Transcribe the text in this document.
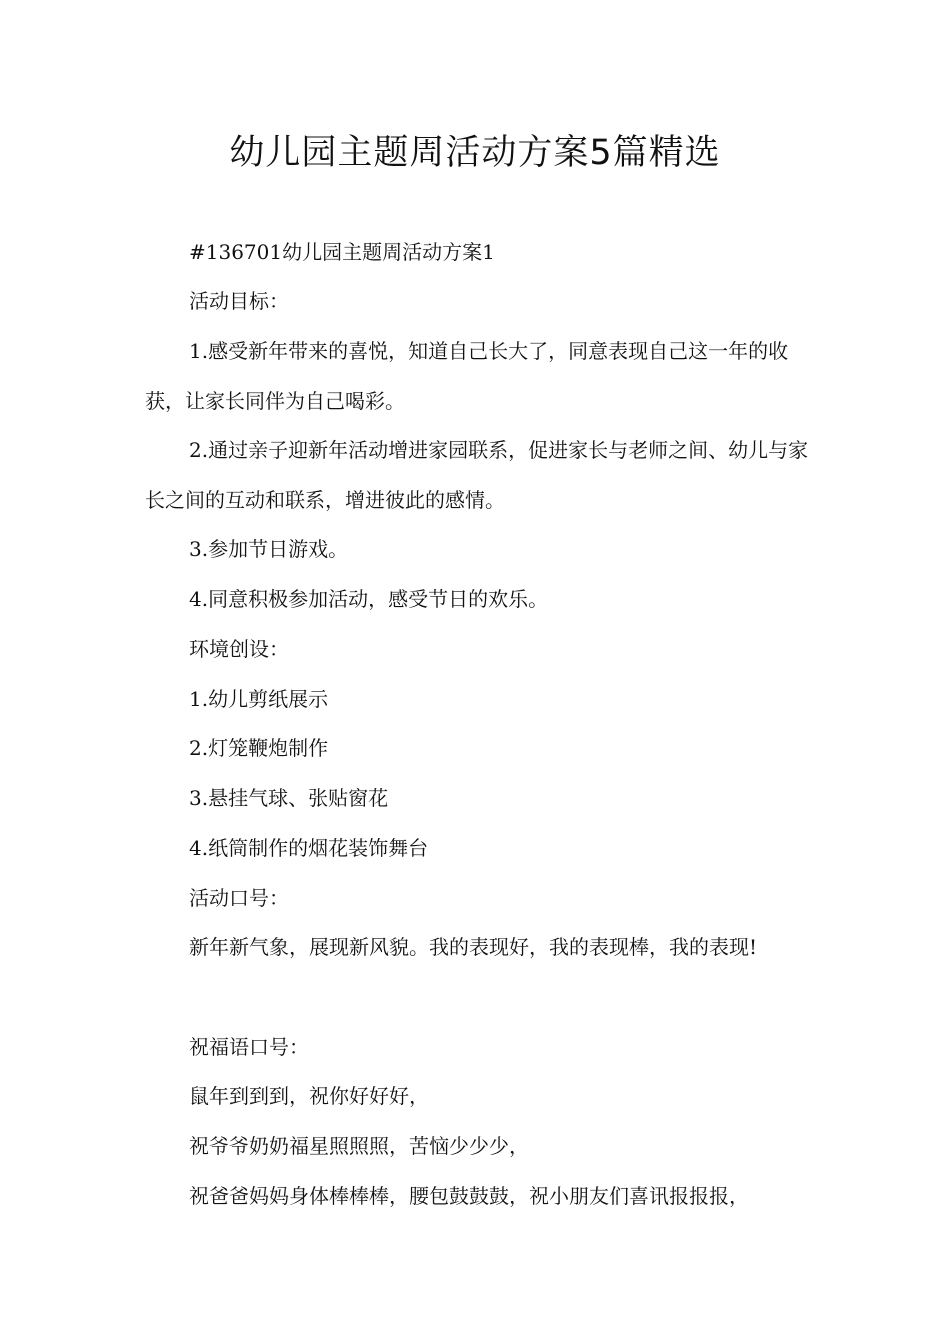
幼儿园主题周活动方案5篇精选

#136701幼儿园主题周活动方案1

活动目标：

1.感受新年带来的喜悦，知道自己长大了，同意表现自己这一年的收获，让家长同伴为自己喝彩。

2.通过亲子迎新年活动增进家园联系，促进家长与老师之间、幼儿与家长之间的互动和联系，增进彼此的感情。

3.参加节日游戏。

4.同意积极参加活动，感受节日的欢乐。

环境创设：

1.幼儿剪纸展示

2.灯笼鞭炮制作

3.悬挂气球、张贴窗花

4.纸筒制作的烟花装饰舞台

活动口号：

新年新气象，展现新风貌。我的表现好，我的表现棒，我的表现!

祝福语口号：

鼠年到到到，祝你好好好，

祝爷爷奶奶福星照照照，苦恼少少少，

祝爸爸妈妈身体棒棒棒，腰包鼓鼓鼓，祝小朋友们喜讯报报报，
